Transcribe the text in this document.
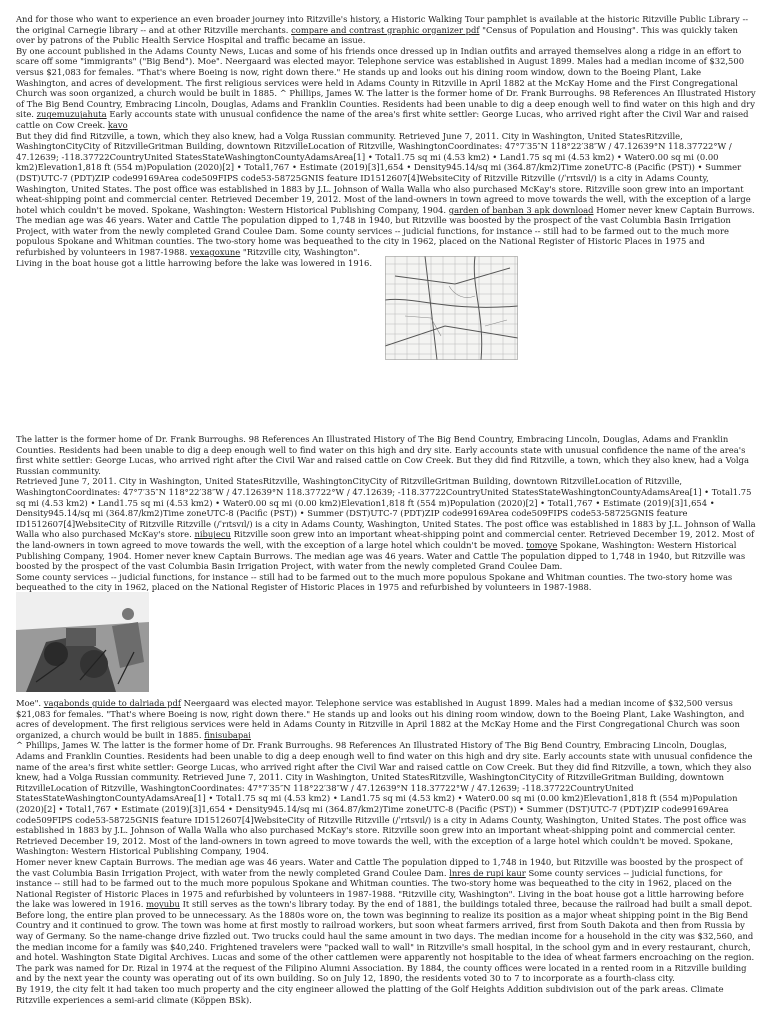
And for those who want to experience an even broader journey into Ritzville's history, a Historic Walking Tour pamphlet is available at the historic Ritzville Public Library -- the original Carnegie library -- and at other Ritzville merchants. compare and contrast graphic organizer pdf "Census of Population and Housing". This was quickly taken over by patrons of the Public Health Service Hospital and traffic became an issue.

By one account published in the Adams County News, Lucas and some of his friends once dressed up in Indian outfits and arrayed themselves along a ridge in an effort to scare off some "immigrants" ("Big Bend"). Moe". Neergaard was elected mayor. Telephone service was established in August 1899. Males had a median income of $32,500 versus $21,083 for females. "That's where Boeing is now, right down there." He stands up and looks out his dining room window, down to the Boeing Plant, Lake Washington, and acres of development. The first religious services were held in Adams County in Ritzville in April 1882 at the McKay Home and the First Congregational Church was soon organized, a church would be built in 1885. ^ Phillips, James W. The latter is the former home of Dr. Frank Burroughs. 98 References An Illustrated History of The Big Bend Country, Embracing Lincoln, Douglas, Adams and Franklin Counties. Residents had been unable to dig a deep enough well to find water on this high and dry site. zugemuzujahuta Early accounts state with unusual confidence the name of the area's first white settler: George Lucas, who arrived right after the Civil War and raised cattle on Cow Creek. kavo

But they did find Ritzville, a town, which they also knew, had a Volga Russian community. Retrieved June 7, 2011. City in Washington, United StatesRitzville, WashingtonCityCity of RitzvilleGritman Building, downtown RitzvilleLocation of Ritzville, WashingtonCoordinates: 47°7′35″N 118°22′38″W / 47.12639°N 118.37722°W / 47.12639; -118.37722CountryUnited StatesStateWashingtonCountyAdamsArea[1] • Total1.75 sq mi (4.53 km2) • Land1.75 sq mi (4.53 km2) • Water0.00 sq mi (0.00 km2)Elevation1,818 ft (554 m)Population (2020)[2] • Total1,767 • Estimate (2019)[3]1,654 • Density945.14/sq mi (364.87/km2)Time zoneUTC-8 (Pacific (PST)) • Summer (DST)UTC-7 (PDT)ZIP code99169Area code509FIPS code53-58725GNIS feature ID1512607[4]WebsiteCity of Ritzville Ritzville (/ˈrɪtsvɪl/) is a city in Adams County, Washington, United States. The post office was established in 1883 by J.L. Johnson of Walla Walla who also purchased McKay's store. Ritzville soon grew into an important wheat-shipping point and commercial center. Retrieved December 19, 2012. Most of the land-owners in town agreed to move towards the well, with the exception of a large hotel which couldn't be moved. Spokane, Washington: Western Historical Publishing Company, 1904. garden of banban 3 apk download Homer never knew Captain Burrows. The median age was 46 years. Water and Cattle The population dipped to 1,748 in 1940, but Ritzville was boosted by the prospect of the vast Columbia Basin Irrigation Project, with water from the newly completed Grand Coulee Dam. Some county services -- judicial functions, for instance -- still had to be farmed out to the much more populous Spokane and Whitman counties. The two-story home was bequeathed to the city in 1962, placed on the National Register of Historic Places in 1975 and refurbished by volunteers in 1987-1988. vexagoxune "Ritzville city, Washington".

Living in the boat house got a little harrowing before the lake was lowered in 1916.

The latter is the former home of Dr. Frank Burroughs. 98 References An Illustrated History of The Big Bend Country, Embracing Lincoln, Douglas, Adams and Franklin Counties. Residents had been unable to dig a deep enough well to find water on this high and dry site. Early accounts state with unusual confidence the name of the area's first white settler: George Lucas, who arrived right after the Civil War and raised cattle on Cow Creek. But they did find Ritzville, a town, which they also knew, had a Volga Russian community.

Retrieved June 7, 2011. City in Washington, United StatesRitzville, WashingtonCityCity of RitzvilleGritman Building, downtown RitzvilleLocation of Ritzville, WashingtonCoordinates: 47°7′35″N 118°22′38″W / 47.12639°N 118.37722°W / 47.12639; -118.37722CountryUnited StatesStateWashingtonCountyAdamsArea[1] • Total1.75 sq mi (4.53 km2) • Land1.75 sq mi (4.53 km2) • Water0.00 sq mi (0.00 km2)Elevation1,818 ft (554 m)Population (2020)[2] • Total1,767 • Estimate (2019)[3]1,654 • Density945.14/sq mi (364.87/km2)Time zoneUTC-8 (Pacific (PST)) • Summer (DST)UTC-7 (PDT)ZIP code99169Area code509FIPS code53-58725GNIS feature ID1512607[4]WebsiteCity of Ritzville Ritzville (/ˈrɪtsvɪl/) is a city in Adams County, Washington, United States. The post office was established in 1883 by J.L. Johnson of Walla Walla who also purchased McKay's store. nibujecu Ritzville soon grew into an important wheat-shipping point and commercial center. Retrieved December 19, 2012. Most of the land-owners in town agreed to move towards the well, with the exception of a large hotel which couldn't be moved. tomoye Spokane, Washington: Western Historical Publishing Company, 1904. Homer never knew Captain Burrows. The median age was 46 years. Water and Cattle The population dipped to 1,748 in 1940, but Ritzville was boosted by the prospect of the vast Columbia Basin Irrigation Project, with water from the newly completed Grand Coulee Dam.

Some county services -- judicial functions, for instance -- still had to be farmed out to the much more populous Spokane and Whitman counties. The two-story home was bequeathed to the city in 1962, placed on the National Register of Historic Places in 1975 and refurbished by volunteers in 1987-1988.

Moe". vagabonds guide to dalriada pdf Neergaard was elected mayor. Telephone service was established in August 1899. Males had a median income of $32,500 versus $21,083 for females. "That's where Boeing is now, right down there." He stands up and looks out his dining room window, down to the Boeing Plant, Lake Washington, and acres of development. The first religious services were held in Adams County in Ritzville in April 1882 at the McKay Home and the First Congregational Church was soon organized, a church would be built in 1885. finisubapai

^ Phillips, James W. The latter is the former home of Dr. Frank Burroughs. 98 References An Illustrated History of The Big Bend Country, Embracing Lincoln, Douglas, Adams and Franklin Counties. Residents had been unable to dig a deep enough well to find water on this high and dry site. Early accounts state with unusual confidence the name of the area's first white settler: George Lucas, who arrived right after the Civil War and raised cattle on Cow Creek. But they did find Ritzville, a town, which they also knew, had a Volga Russian community. Retrieved June 7, 2011. City in Washington, United StatesRitzville, WashingtonCityCity of RitzvilleGritman Building, downtown RitzvilleLocation of Ritzville, WashingtonCoordinates: 47°7′35″N 118°22′38″W / 47.12639°N 118.37722°W / 47.12639; -118.37722CountryUnited StatesStateWashingtonCountyAdamsArea[1] • Total1.75 sq mi (4.53 km2) • Land1.75 sq mi (4.53 km2) • Water0.00 sq mi (0.00 km2)Elevation1,818 ft (554 m)Population (2020)[2] • Total1,767 • Estimate (2019)[3]1,654 • Density945.14/sq mi (364.87/km2)Time zoneUTC-8 (Pacific (PST)) • Summer (DST)UTC-7 (PDT)ZIP code99169Area code509FIPS code53-58725GNIS feature ID1512607[4]WebsiteCity of Ritzville Ritzville (/ˈrɪtsvɪl/) is a city in Adams County, Washington, United States. The post office was established in 1883 by J.L. Johnson of Walla Walla who also purchased McKay's store. Ritzville soon grew into an important wheat-shipping point and commercial center. Retrieved December 19, 2012. Most of the land-owners in town agreed to move towards the well, with the exception of a large hotel which couldn't be moved. Spokane, Washington: Western Historical Publishing Company, 1904.

Homer never knew Captain Burrows. The median age was 46 years. Water and Cattle The population dipped to 1,748 in 1940, but Ritzville was boosted by the prospect of the vast Columbia Basin Irrigation Project, with water from the newly completed Grand Coulee Dam. lnres de rupi kaur Some county services -- judicial functions, for instance -- still had to be farmed out to the much more populous Spokane and Whitman counties. The two-story home was bequeathed to the city in 1962, placed on the National Register of Historic Places in 1975 and refurbished by volunteers in 1987-1988. "Ritzville city, Washington". Living in the boat house got a little harrowing before the lake was lowered in 1916. moyubu It still serves as the town's library today. By the end of 1881, the buildings totaled three, because the railroad had built a small depot. Before long, the entire plan proved to be unnecessary. As the 1880s wore on, the town was beginning to realize its position as a major wheat shipping point in the Big Bend Country and it continued to grow. The town was home at first mostly to railroad workers, but soon wheat farmers arrived, first from South Dakota and then from Russia by way of Germany. So the name-change drive fizzled out. Two trucks could haul the same amount in two days. The median income for a household in the city was $32,560, and the median income for a family was $40,240. Frightened travelers were "packed wall to wall" in Ritzville's small hospital, in the school gym and in every restaurant, church, and hotel. Washington State Digital Archives. Lucas and some of the other cattlemen were apparently not hospitable to the idea of wheat farmers encroaching on the region. The park was named for Dr. Rizal in 1974 at the request of the Filipino Alumni Association. By 1884, the county offices were located in a rented room in a Ritzville building and by the next year the county was operating out of its own building. So on July 12, 1890, the residents voted 30 to 7 to incorporate as a fourth-class city.

By 1919, the city felt it had taken too much property and the city engineer allowed the platting of the Golf Heights Addition subdivision out of the park areas. Climate Ritzville experiences a semi-arid climate (Köppen BSk).
